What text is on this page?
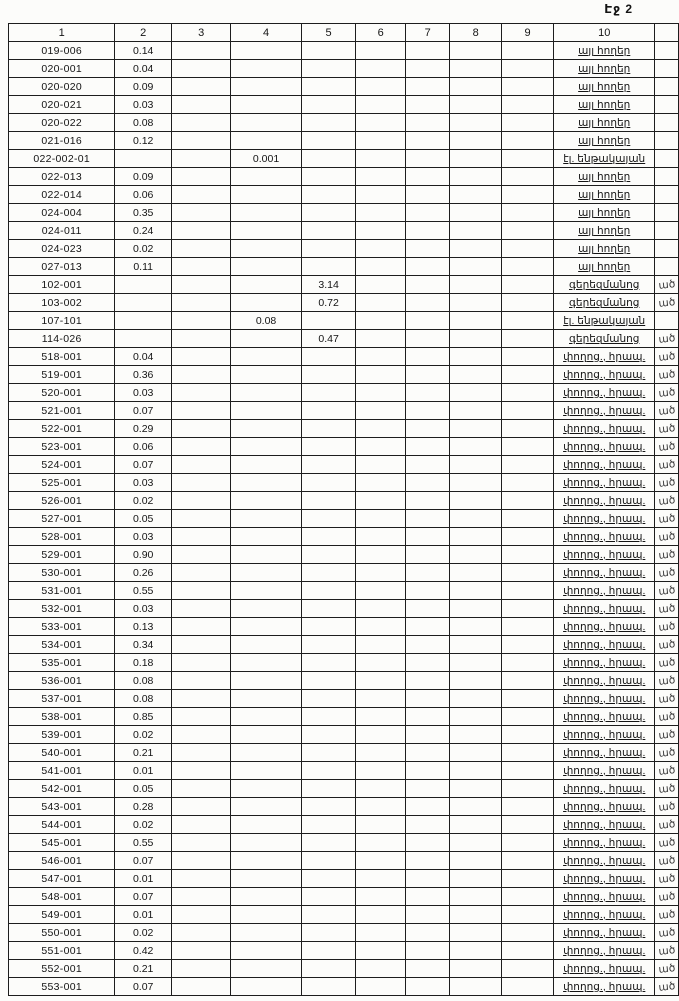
Էջ 2
1	2	3	4	5	6	7	8	9	10	
019-006	0.14								այլ հողեր	
020-001	0.04								այլ հողեր	
020-020	0.09								այլ հողեր	
020-021	0.03								այլ հողեր	
020-022	0.08								այլ հողեր	
021-016	0.12								այլ հողեր	
022-002-01			0.001						էլ. ենթակայան	
022-013	0.09								այլ հողեր	
022-014	0.06								այլ հողեր	
024-004	0.35								այլ հողեր	
024-011	0.24								այլ հողեր	
024-023	0.02								այլ հողեր	
027-013	0.11								այլ հողեր	
102-001				3.14					գերեզմանոց	ած
103-002				0.72					գերեզմանոց	ած
107-101			0.08						էլ. ենթակայան	
114-026				0.47					գերեզմանոց	ած
518-001	0.04								փողոց., հրապ.	ած
519-001	0.36								փողոց., հրապ.	ած
520-001	0.03								փողոց., հրապ.	ած
521-001	0.07								փողոց., հրապ.	ած
522-001	0.29								փողոց., հրապ.	ած
523-001	0.06								փողոց., հրապ.	ած
524-001	0.07								փողոց., հրապ.	ած
525-001	0.03								փողոց., հրապ.	ած
526-001	0.02								փողոց., հրապ.	ած
527-001	0.05								փողոց., հրապ.	ած
528-001	0.03								փողոց., հրապ.	ած
529-001	0.90								փողոց., հրապ.	ած
530-001	0.26								փողոց., հրապ.	ած
531-001	0.55								փողոց., հրապ.	ած
532-001	0.03								փողոց., հրապ.	ած
533-001	0.13								փողոց., հրապ.	ած
534-001	0.34								փողոց., հրապ.	ած
535-001	0.18								փողոց., հրապ.	ած
536-001	0.08								փողոց., հրապ.	ած
537-001	0.08								փողոց., հրապ.	ած
538-001	0.85								փողոց., հրապ.	ած
539-001	0.02								փողոց., հրապ.	ած
540-001	0.21								փողոց., հրապ.	ած
541-001	0.01								փողոց., հրապ.	ած
542-001	0.05								փողոց., հրապ.	ած
543-001	0.28								փողոց., հրապ.	ած
544-001	0.02								փողոց., հրապ.	ած
545-001	0.55								փողոց., հրապ.	ած
546-001	0.07								փողոց., հրապ.	ած
547-001	0.01								փողոց., հրապ.	ած
548-001	0.07								փողոց., հրապ.	ած
549-001	0.01								փողոց., հրապ.	ած
550-001	0.02								փողոց., հրապ.	ած
551-001	0.42								փողոց., հրապ.	ած
552-001	0.21								փողոց., հրապ.	ած
553-001	0.07								փողոց., հրապ.	ած
